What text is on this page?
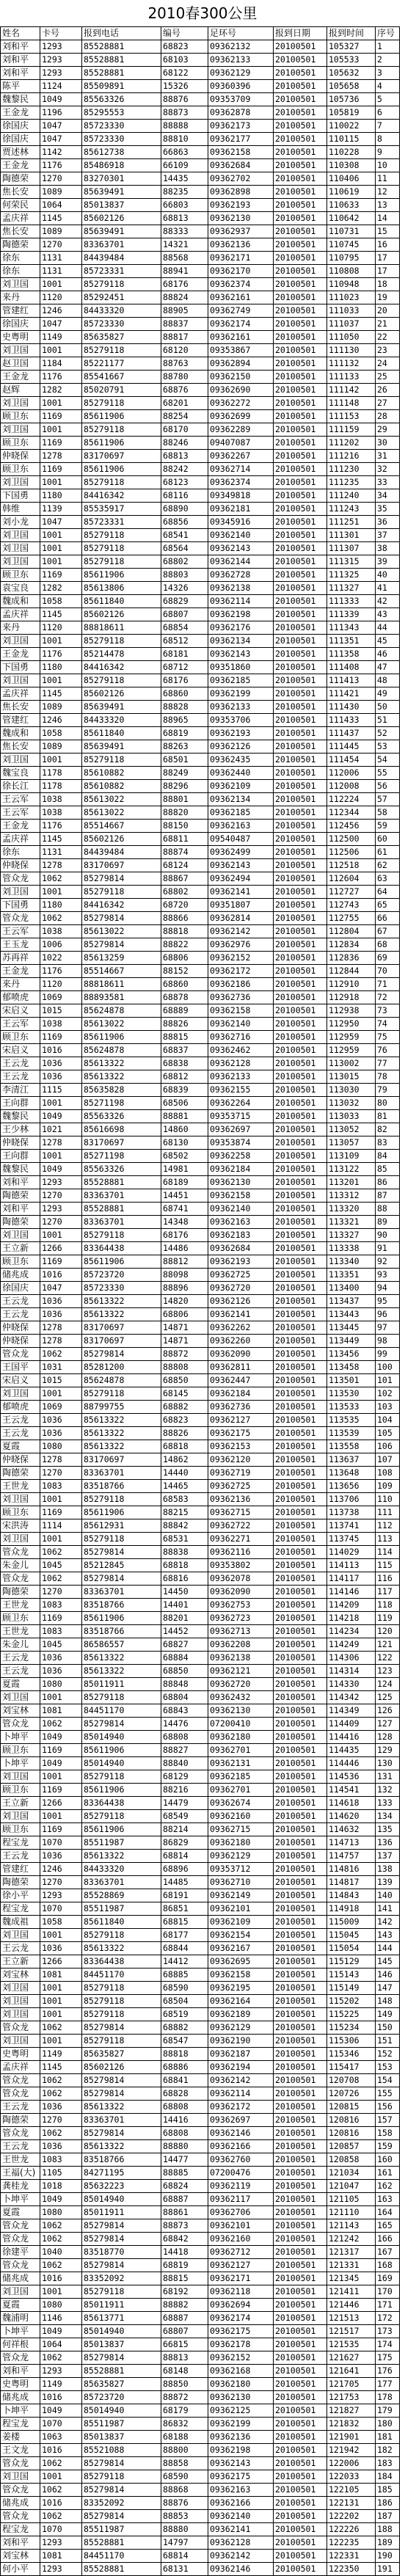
2010春300公里
姓名	卡号	报到电话	编号	足环号	报到日期	报到时间	序号
刘和平	1293	85528881	68823	09362132	20100501	105327	1
刘和平	1293	85528881	68103	09362133	20100501	105533	2
刘和平	1293	85528881	68122	09362129	20100501	105632	3
陈平	1124	85509891	15326	09360396	20100501	105658	4
魏黎民	1049	85563326	88876	09353709	20100501	105736	5
王金龙	1196	85295553	88873	09362878	20100501	105819	6
徐国庆	1047	85723330	88888	09362173	20100501	110022	7
徐国庆	1047	85723330	88810	09362177	20100501	110115	8
贾述林	1142	85612738	66863	09362158	20100501	110228	9
王金龙	1176	85486918	66109	09362684	20100501	110308	10
陶德荣	1270	83270301	14435	09362702	20100501	110406	11
焦长安	1089	85639491	88235	09362898	20100501	110619	12
何荣民	1064	85013837	66803	09362193	20100501	110633	13
孟庆祥	1145	85602126	68813	09362130	20100501	110642	14
焦长安	1089	85639491	88333	09362937	20100501	110731	15
陶德荣	1270	83363701	14321	09362136	20100501	110745	16
徐东	1131	84439484	88568	09362171	20100501	110795	17
徐东	1131	85723331	88941	09362170	20100501	110808	17
刘卫国	1001	85279118	68176	09362374	20100501	110948	18
来丹	1120	85292451	88824	09362161	20100501	111023	19
管建红	1246	84433320	88905	09362749	20100501	111033	20
徐国庆	1047	85723330	88837	09362174	20100501	111037	21
史粤明	1149	85635827	88817	09362161	20100501	111050	22
刘卫国	1001	85279118	68120	09353867	20100501	111130	23
赵卫国	1184	85221177	88763	09362894	20100501	111132	24
王金龙	1176	85541667	88780	09362150	20100501	111133	25
赵辉	1282	85020791	68876	09362690	20100501	111142	26
刘卫国	1001	85279118	68201	09362272	20100501	111148	27
顾卫东	1169	85611906	88254	09362699	20100501	111153	28
刘卫国	1001	85279118	68170	09362289	20100501	111159	29
顾卫东	1169	85611906	88246	09407087	20100501	111202	30
仲晓保	1278	83170697	68813	09362267	20100501	111216	31
顾卫东	1169	85611906	88242	09362714	20100501	111230	32
刘卫国	1001	85279118	68123	09362374	20100501	111235	33
下国勇	1180	84416342	68116	09349818	20100501	111240	34
韩维	1139	85535917	68890	09362181	20100501	111243	35
刘小龙	1047	85723331	68856	09345916	20100501	111251	36
刘卫国	1001	85279118	68541	09362140	20100501	111301	37
刘卫国	1001	85279118	68564	09362143	20100501	111307	38
刘卫国	1001	85279118	68802	09362144	20100501	111315	39
顾卫东	1169	85611906	88803	09362728	20100501	111325	40
袁宝良	1282	85613806	14326	09362138	20100501	111327	41
魏成和	1058	85611840	68829	09362114	20100501	111333	42
孟庆祥	1145	85602126	68807	09362198	20100501	111339	43
来丹	1120	88818611	68854	09362176	20100501	111343	44
刘卫国	1001	85279118	68512	09362134	20100501	111351	45
王金龙	1176	85214478	68181	09362143	20100501	111358	46
下国勇	1180	84416342	68712	09351860	20100501	111408	47
刘卫国	1001	85279118	68176	09362185	20100501	111413	48
孟庆祥	1145	85602126	68860	09362199	20100501	111421	49
焦长安	1089	85639491	88828	09362133	20100501	111430	50
管建红	1246	84433320	88965	09353706	20100501	111433	51
魏成和	1058	85611840	68819	09362193	20100501	111437	52
焦长安	1089	85639491	88263	09362126	20100501	111445	53
刘卫国	1001	85279118	68501	09362435	20100501	111454	54
魏宝良	1178	85610882	88249	09362440	20100501	112006	55
徐长江	1178	85610882	88296	09362109	20100501	112008	56
王云军	1038	85613022	88801	09362134	20100501	112224	57
王云军	1038	85613022	88820	09362185	20100501	112344	58
王金龙	1176	85514667	88150	09362163	20100501	112456	59
孟庆祥	1145	85602126	68811	09540487	20100501	112500	60
徐东	1131	84439484	88874	09362499	20100501	112506	61
仲晓保	1278	83170697	68124	09362143	20100501	112518	62
管众龙	1062	85279814	88867	09362494	20100501	112604	63
刘卫国	1001	85279118	68802	09362141	20100501	112727	64
下国勇	1180	84416342	68720	09351807	20100501	112743	65
管众龙	1062	85279814	88866	09362814	20100501	112755	66
王云军	1038	85613022	88818	09362142	20100501	112804	67
王玉龙	1006	85279814	88822	09362976	20100501	112834	68
苏再祥	1022	85613259	68806	09362152	20100501	112836	69
王金龙	1176	85514667	88152	09362172	20100501	112844	70
来丹	1120	88818611	68860	09362186	20100501	112910	71
郁喷虎	1069	88893581	68878	09362736	20100501	112918	72
宋启义	1015	85624878	68889	09362158	20100501	112938	73
王云军	1038	85613022	88826	09362140	20100501	112950	74
顾卫东	1169	85611906	88815	09362716	20100501	112959	75
宋启义	1016	85624878	68837	09362462	20100501	112959	76
王云龙	1036	85613322	68838	09362128	20100501	113002	77
王云龙	1036	85613322	68812	09362133	20100501	113015	78
李清江	1115	85635828	68839	09362155	20100501	113030	79
王向群	1001	85271198	68506	09362264	20100501	113032	80
魏黎民	1049	85563326	88881	09353715	20100501	113033	81
王少林	1021	85616698	14860	09362697	20100501	113052	82
仲晓保	1278	83170697	68130	09353874	20100501	113057	83
王向群	1001	85271198	68502	09362258	20100501	113109	84
魏黎民	1049	85563326	14981	09362184	20100501	113122	85
刘和平	1293	85528881	68189	09362130	20100501	113201	86
陶德荣	1270	83363701	14451	09362158	20100501	113312	87
刘和平	1293	85528881	68741	09362140	20100501	113320	88
陶德荣	1270	83363701	14348	09362163	20100501	113321	89
刘卫国	1001	85279118	68176	09362183	20100501	113327	90
王立新	1266	83364438	14486	09362684	20100501	113338	91
顾卫东	1169	85611906	88812	09362193	20100501	113340	92
储兆成	1016	85723720	88098	09362725	20100501	113351	93
徐国庆	1047	85723330	88896	09362720	20100501	113400	94
王云龙	1036	85613322	14820	09362126	20100501	113437	95
王云龙	1036	85613322	68806	09362141	20100501	113443	96
仲晓保	1278	83170697	14871	09362262	20100501	113445	97
仲晓保	1278	83170697	14871	09362260	20100501	113449	98
管众龙	1062	85279814	88872	09362090	20100501	113456	99
王国平	1031	85281200	88808	09362811	20100501	113458	100
宋启义	1015	85624878	68850	09362447	20100501	113501	101
刘卫国	1001	85279118	68145	09362184	20100501	113530	102
郁喷虎	1069	88799755	68882	09362736	20100501	113533	103
王云龙	1036	85613322	68823	09362127	20100501	113535	104
王云龙	1036	85613322	88826	09362175	20100501	113539	105
夏霞	1080	85613322	68818	09362153	20100501	113558	106
仲晓保	1278	83170697	14862	09362120	20100501	113637	107
陶德荣	1270	83363701	14440	09362719	20100501	113648	108
王世龙	1083	83518766	14465	09362725	20100501	113656	109
刘卫国	1001	85279118	68583	09362136	20100501	113706	110
顾卫东	1169	85611906	88215	09362715	20100501	113738	111
宋洪涛	1114	85612931	88842	09362722	20100501	113741	112
刘卫国	1001	85279118	68531	09362271	20100501	113745	113
管众龙	1062	85279814	88838	09362116	20100501	114029	114
朱金儿	1045	85212845	68818	09353802	20100501	114113	115
管众龙	1062	85279814	68816	09362078	20100501	114117	116
陶德荣	1270	83363701	14450	09362090	20100501	114146	117
王世龙	1083	83518766	14401	09362753	20100501	114209	118
顾卫东	1169	85611906	88201	09362723	20100501	114218	119
王世龙	1083	83518766	14452	09362713	20100501	114234	120
朱金儿	1045	86586557	68827	09362208	20100501	114249	121
王云龙	1036	85613322	68884	09362138	20100501	114306	122
王云龙	1036	85613322	68850	09362121	20100501	114314	123
夏霞	1080	85011911	88848	09362720	20100501	114330	124
刘卫国	1001	85279118	68804	09362432	20100501	114342	125
刘宝林	1081	84451170	68843	09362130	20100501	114349	126
管众龙	1062	85279814	14476	07200410	20100501	114409	127
卜坤平	1049	85014940	68808	09362180	20100501	114416	128
顾卫东	1169	85611906	88827	09362701	20100501	114435	129
卜坤平	1049	85014940	88840	09362131	20100501	114446	130
刘卫国	1001	85279118	68129	09362185	20100501	114536	131
顾卫东	1169	85611906	88216	09362701	20100501	114541	132
王立新	1266	83364438	14479	09362674	20100501	114618	133
刘卫国	1001	85279118	68549	09362160	20100501	114620	134
顾卫东	1169	85611906	88214	09362715	20100501	114632	135
程宝龙	1070	85511987	86829	09362180	20100501	114713	136
王云龙	1036	85613322	68814	09362129	20100501	114757	137
管建红	1246	84433320	68896	09353712	20100501	114816	138
陶德荣	1270	83363701	14485	09362710	20100501	114817	139
徐小平	1293	85528869	68191	09362149	20100501	114843	140
程宝龙	1070	85511987	86851	09362101	20100501	114918	141
魏成祖	1058	85611840	68815	09362109	20100501	115009	142
刘卫国	1001	85279118	68177	09362154	20100501	115045	143
王云龙	1036	85613322	68844	09362167	20100501	115054	144
王立新	1266	83364438	14412	09362695	20100501	115129	145
刘宝林	1081	84451170	68885	09362158	20100501	115143	146
刘卫国	1001	85279118	68590	09362195	20100501	115149	147
刘卫国	1001	85279118	68504	09362164	20100501	115202	148
刘卫国	1001	85279118	68519	09362189	20100501	115225	149
管众龙	1062	85279814	68882	09362129	20100501	115234	150
刘卫国	1001	85279118	68547	09362190	20100501	115306	151
史粤明	1149	85635827	88818	09362187	20100501	115346	152
孟庆祥	1145	85602126	68886	09362194	20100501	115417	153
管众龙	1062	85279814	68841	09362142	20100501	120708	154
管众龙	1062	85279814	68828	09362114	20100501	120726	155
王云龙	1036	85613322	68808	09362172	20100501	120815	156
陶德荣	1270	83363701	14416	09362697	20100501	120816	157
管众龙	1062	85279814	68808	09362146	20100501	120816	158
王云龙	1036	85613322	88880	09362166	20100501	120857	159
王世龙	1083	83518766	14477	09362760	20100501	120858	160
王福(大)	1105	84271195	88885	07200476	20100501	121034	161
龚桂龙	1018	85632223	68824	09362119	20100501	121047	162
卜坤平	1049	85014940	68887	09362117	20100501	121105	163
夏霞	1080	85011911	88861	09362706	20100501	121110	164
管众龙	1062	85279814	88873	09362101	20100501	121143	165
管众龙	1062	85279814	68842	09362160	20100501	121242	166
徐建平	1040	83518770	14418	09362712	20100501	121317	167
管众龙	1062	85279814	68819	09362127	20100501	121331	168
储兆成	1016	83352092	88815	09362171	20100501	121345	169
刘卫国	1001	85279118	68192	09362118	20100501	121411	170
夏霞	1080	85011911	88882	09362694	20100501	121446	171
魏浦明	1146	85613771	68887	09362174	20100501	121513	172
卜坤平	1049	85014940	68807	09362175	20100501	121517	173
何祥根	1064	85013837	66815	09362178	20100501	121535	174
管众龙	1062	85279814	88813	09362152	20100501	121627	175
刘和平	1293	85528881	68148	09362168	20100501	121641	176
史粤明	1149	85635827	88850	09362180	20100501	121705	177
储兆成	1016	85723720	88872	09362130	20100501	121753	178
卜坤平	1049	85014940	68179	09362125	20100501	121827	179
程宝龙	1070	85511987	86832	09362199	20100501	121832	180
姜楼	1063	85013837	68188	09362136	20100501	121901	181
王文龙	1016	85521088	88800	09362198	20100501	121942	182
管众龙	1062	85279814	88858	09362143	20100501	122006	183
刘卫国	1001	85279118	68590	09362175	20100501	122033	184
管众龙	1062	85279814	88868	09362163	20100501	122105	185
储兆成	1016	83352092	88876	09362166	20100501	122131	186
管众龙	1062	85279814	88853	09362140	20100501	122202	187
程宝龙	1070	85511987	88880	09362141	20100501	122226	188
刘和平	1293	85528881	14797	09362128	20100501	122235	189
刘宝林	1081	84451170	68814	09362142	20100501	122331	190
何小平	1293	85528881	68131	09362146	20100501	122350	191
